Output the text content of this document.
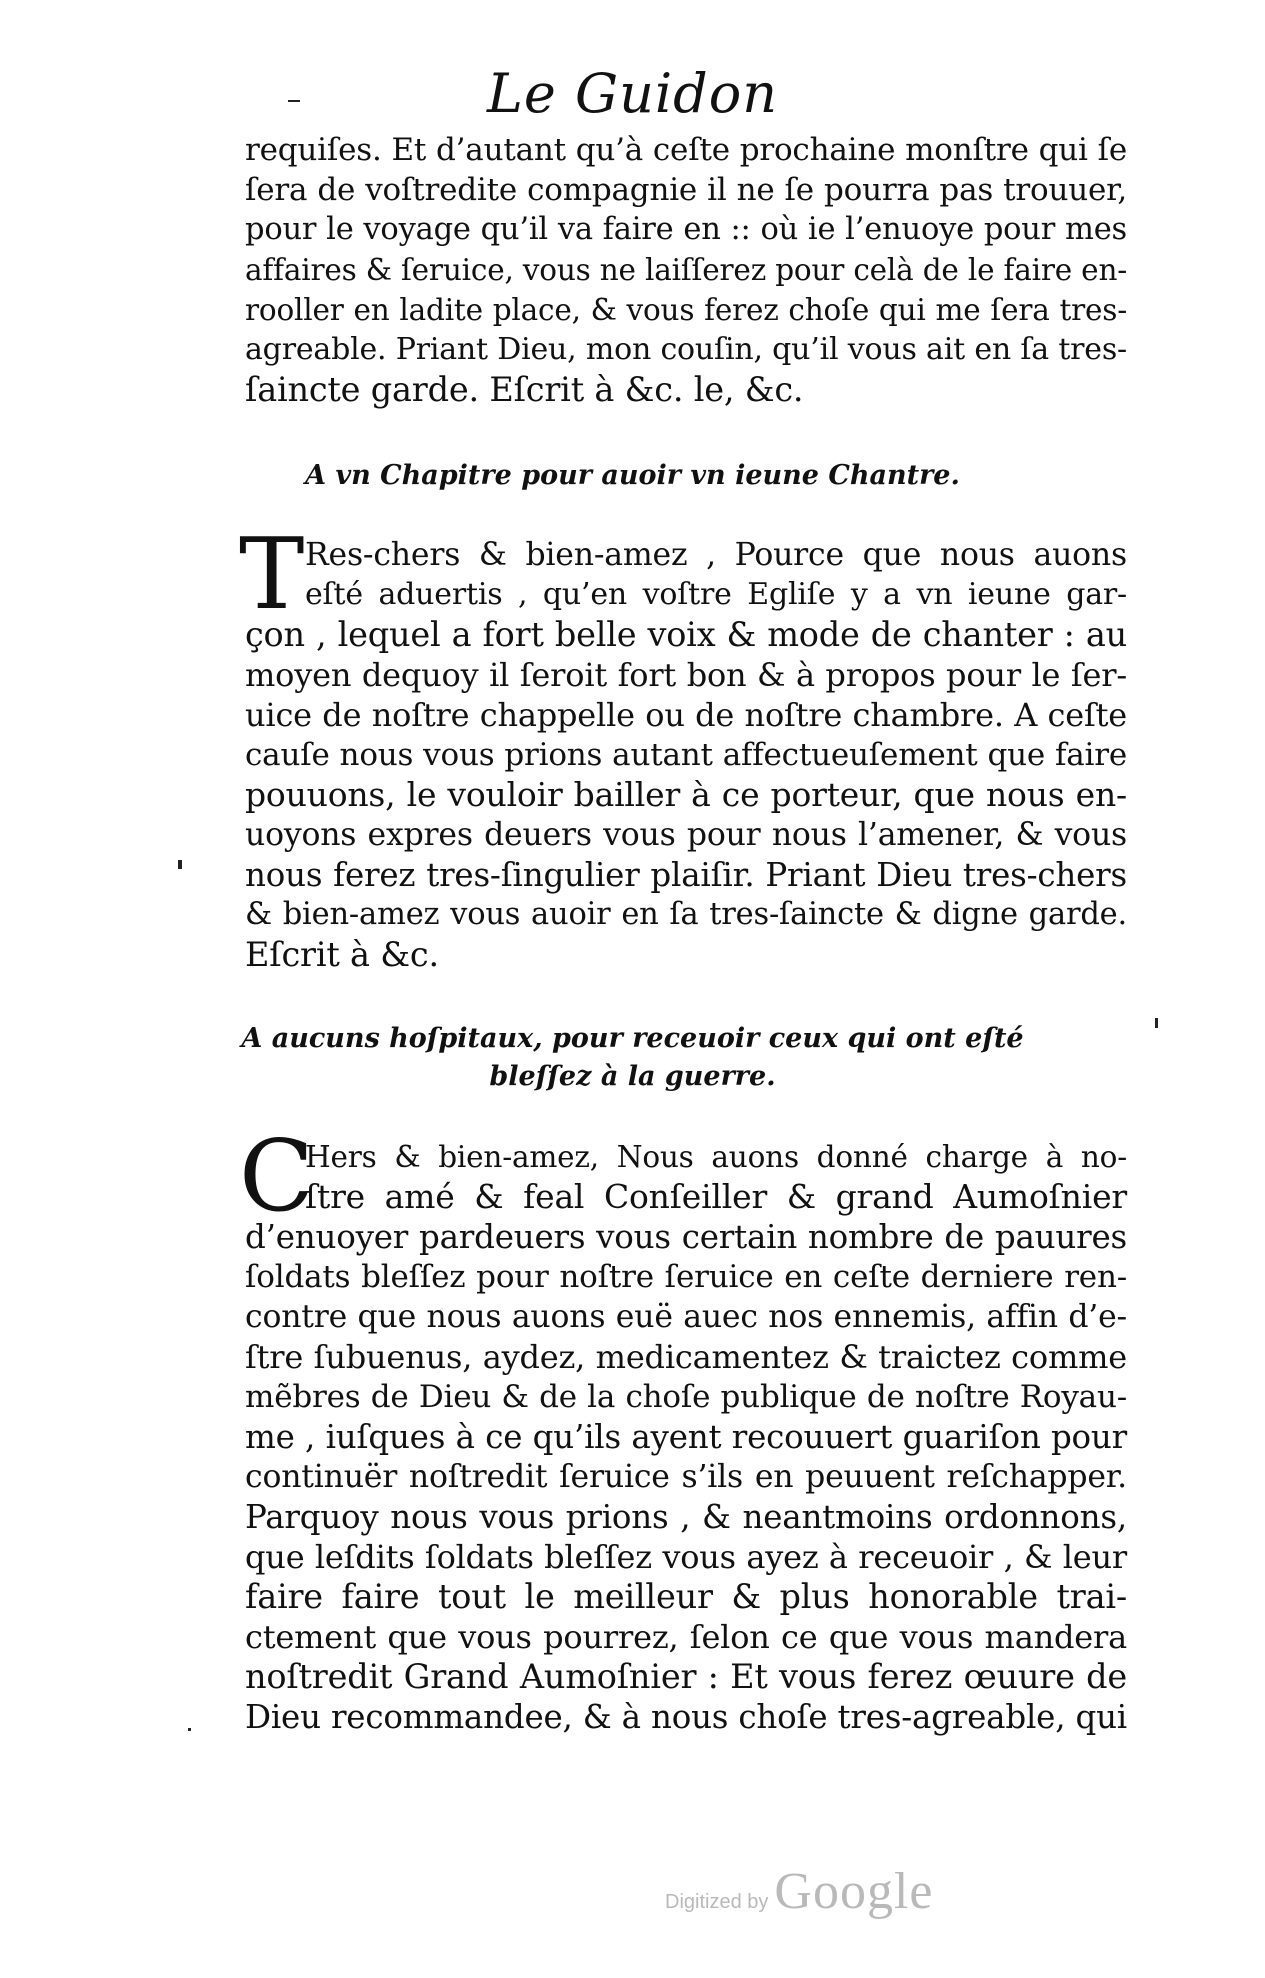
Le Guidon
requiſes. Et d’autant qu’à ceſte prochaine monſtre qui ſe
ſera de voſtredite compagnie il ne ſe pourra pas trouuer,
pour le voyage qu’il va faire en :: où ie l’enuoye pour mes
affaires & ſeruice, vous ne laiſſerez pour celà de le faire en-
rooller en ladite place, & vous ferez choſe qui me ſera tres-
agreable. Priant Dieu, mon couſin, qu’il vous ait en ſa tres-
ſaincte garde. Eſcrit à &c. le, &c.
A vn Chapitre pour auoir vn ieune Chantre.
T Res-chers & bien-amez , Pource que nous auons
eſté aduertis , qu’en voſtre Egliſe y a vn ieune gar-
çon , lequel a fort belle voix & mode de chanter : au
moyen dequoy il ſeroit fort bon & à propos pour le ſer-
uice de noſtre chappelle ou de noſtre chambre. A ceſte
cauſe nous vous prions autant affectueuſement que faire
pouuons, le vouloir bailler à ce porteur, que nous en-
uoyons expres deuers vous pour nous l’amener, & vous
nous ferez tres-ſingulier plaiſir. Priant Dieu tres-chers
& bien-amez vous auoir en ſa tres-ſaincte & digne garde.
Eſcrit à &c.
A aucuns hoſpitaux, pour receuoir ceux qui ont eſté
bleſſez à la guerre.
C
Hers & bien-amez, Nous auons donné charge à no-
ſtre amé & feal Conſeiller & grand Aumoſnier
d’enuoyer pardeuers vous certain nombre de pauures
ſoldats bleſſez pour noſtre ſeruice en ceſte derniere ren-
contre que nous auons euë auec nos ennemis, affin d’e-
ſtre ſubuenus, aydez, medicamentez & traictez comme
mẽbres de Dieu & de la choſe publique de noſtre Royau-
me , iuſques à ce qu’ils ayent recouuert guariſon pour
continuër noſtredit ſeruice s’ils en peuuent reſchapper.
Parquoy nous vous prions , & neantmoins ordonnons,
que leſdits ſoldats bleſſez vous ayez à receuoir , & leur
faire faire tout le meilleur & plus honorable trai-
ctement que vous pourrez, ſelon ce que vous mandera
noſtredit Grand Aumoſnier : Et vous ferez œuure de
Dieu recommandee, & à nous choſe tres-agreable, qui
Digitized by Google
